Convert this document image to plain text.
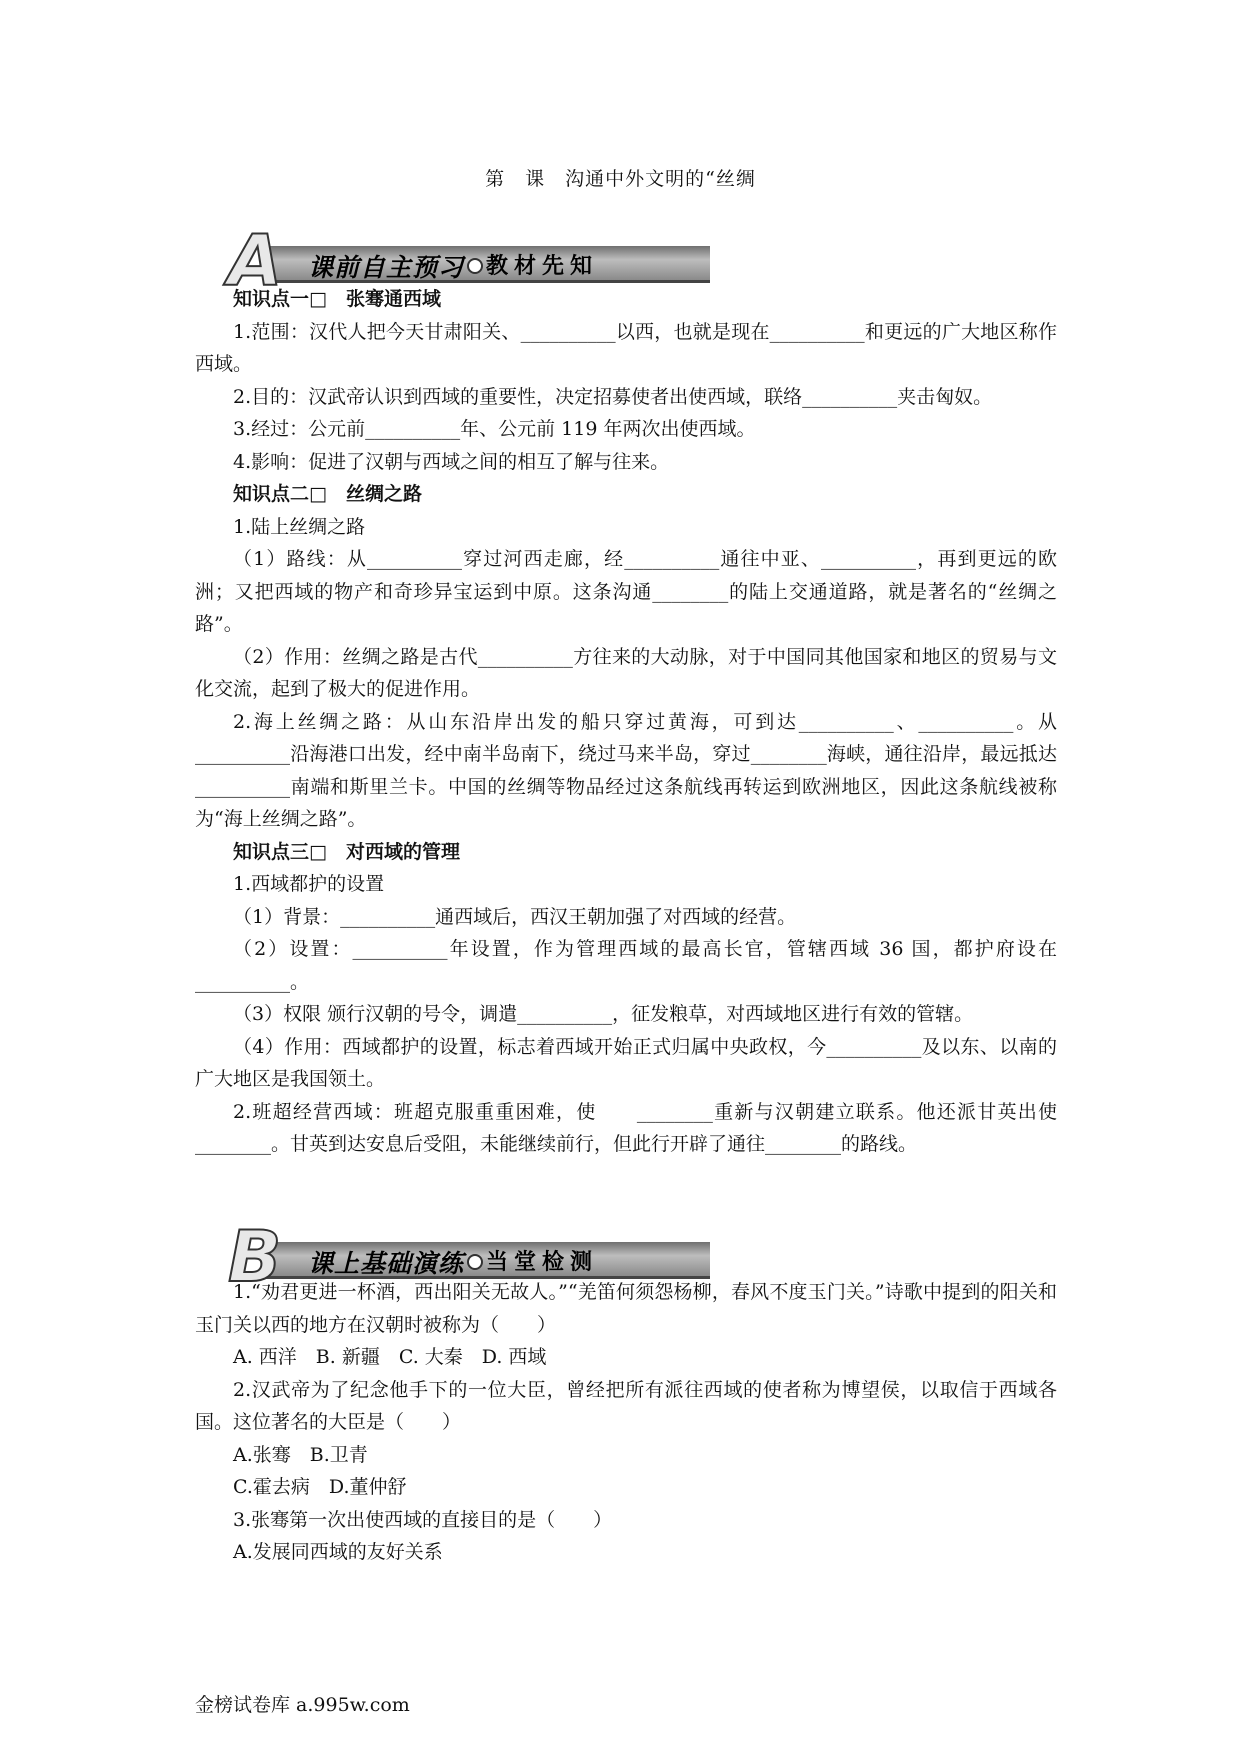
第　课　沟通中外文明的“丝绸
A 课前自主预习 教材先知

知识点一□　张骞通西域

1.范围：汉代人把今天甘肃阳关、__________以西，也就是现在__________和更远的广大地区称作西域。

2.目的：汉武帝认识到西域的重要性，决定招募使者出使西域，联络__________夹击匈奴。

3.经过：公元前__________年、公元前 119 年两次出使西域。

4.影响：促进了汉朝与西域之间的相互了解与往来。

知识点二□　丝绸之路

1.陆上丝绸之路

（1）路线：从__________穿过河西走廊，经__________通往中亚、__________，再到更远的欧洲；又把西域的物产和奇珍异宝运到中原。这条沟通________的陆上交通道路，就是著名的“丝绸之路”。

（2）作用：丝绸之路是古代__________方往来的大动脉，对于中国同其他国家和地区的贸易与文化交流，起到了极大的促进作用。

2.海上丝绸之路：从山东沿岸出发的船只穿过黄海，可到达__________、__________。从__________沿海港口出发，经中南半岛南下，绕过马来半岛，穿过________海峡，通往沿岸，最远抵达__________南端和斯里兰卡。中国的丝绸等物品经过这条航线再转运到欧洲地区，因此这条航线被称为“海上丝绸之路”。

知识点三□　对西域的管理

1.西域都护的设置

（1）背景：__________通西域后，西汉王朝加强了对西域的经营。

（2）设置：__________年设置，作为管理西域的最高长官，管辖西域 36 国，都护府设在__________。

（3）权限 颁行汉朝的号令，调遣__________，征发粮草，对西域地区进行有效的管辖。

（4）作用：西域都护的设置，标志着西域开始正式归属中央政权，今__________及以东、以南的广大地区是我国领土。

2.班超经营西域：班超克服重重困难，使　　________重新与汉朝建立联系。他还派甘英出使________。甘英到达安息后受阻，未能继续前行，但此行开辟了通往________的路线。

B 课上基础演练 当堂检测

1.“劝君更进一杯酒，西出阳关无故人。”“羌笛何须怨杨柳，春风不度玉门关。”诗歌中提到的阳关和玉门关以西的地方在汉朝时被称为（　　）

A. 西洋　B. 新疆　C. 大秦　D. 西域

2.汉武帝为了纪念他手下的一位大臣，曾经把所有派往西域的使者称为博望侯，以取信于西域各国。这位著名的大臣是（　　）

A.张骞　B.卫青

C.霍去病　D.董仲舒

3.张骞第一次出使西域的直接目的是（　　）

A.发展同西域的友好关系

金榜试卷库 a.995w.com
